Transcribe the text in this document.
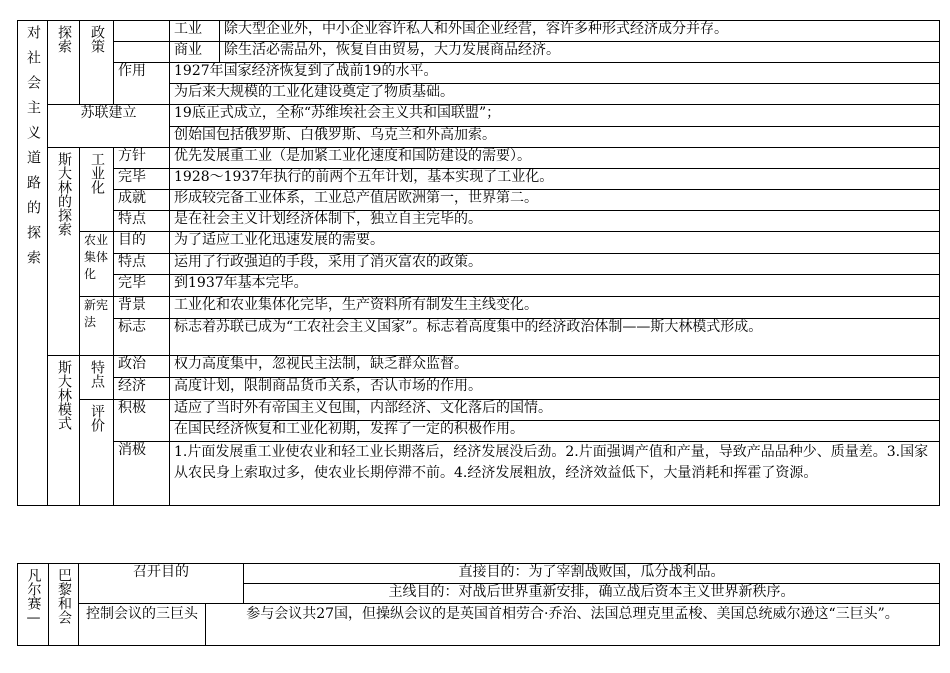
对社会主义道路的探索	探索	政策		工业	除大型企业外，中小企业容许私人和外国企业经营，容许多种形式经济成分并存。
				商业	除生活必需品外，恢复自由贸易，大力发展商品经济。
			作用	1927年国家经济恢复到了战前19的水平。	
				为后来大规模的工业化建设奠定了物质基础。	
	苏联建立			19底正式成立，全称“苏维埃社会主义共和国联盟”；	
				创始国包括俄罗斯、白俄罗斯、乌克兰和外高加索。	
	斯大林的探索	工业化	方针	优先发展重工业（是加紧工业化速度和国防建设的需要）。	
			完毕	1928～1937年执行的前两个五年计划，基本实现了工业化。	
			成就	形成较完备工业体系，工业总产值居欧洲第一，世界第二。	
			特点	是在社会主义计划经济体制下，独立自主完毕的。	
		农业集体化	目的	为了适应工业化迅速发展的需要。	
			特点	运用了行政强迫的手段，采用了消灭富农的政策。	
			完毕	到1937年基本完毕。	
		新宪法	背景	工业化和农业集体化完毕，生产资料所有制发生主线变化。	
			标志	标志着苏联已成为“工农社会主义国家”。标志着高度集中的经济政治体制——斯大林模式形成。	

	斯大林模式	特点	政治	权力高度集中，忽视民主法制，缺乏群众监督。	
			经济	高度计划，限制商品货币关系，否认市场的作用。	
		评价	积极	适应了当时外有帝国主义包围，内部经济、文化落后的国情。	
				在国民经济恢复和工业化初期，发挥了一定的积极作用。	
			消极	1.片面发展重工业使农业和轻工业长期落后，经济发展没后劲。2.片面强调产值和产量，导致产品品种少、质量差。3.国家从农民身上索取过多，使农业长期停滞不前。4.经济发展粗放，经济效益低下，大量消耗和挥霍了资源。	

凡尔赛—	巴黎和会	召开目的		直接目的：为了宰割战败国，瓜分战利品。
				主线目的：对战后世界重新安排，确立战后资本主义世界新秩序。
		控制会议的三巨头	参与会议共27国，但操纵会议的是英国首相劳合·乔治、法国总理克里孟梭、美国总统威尔逊这“三巨头”。	
